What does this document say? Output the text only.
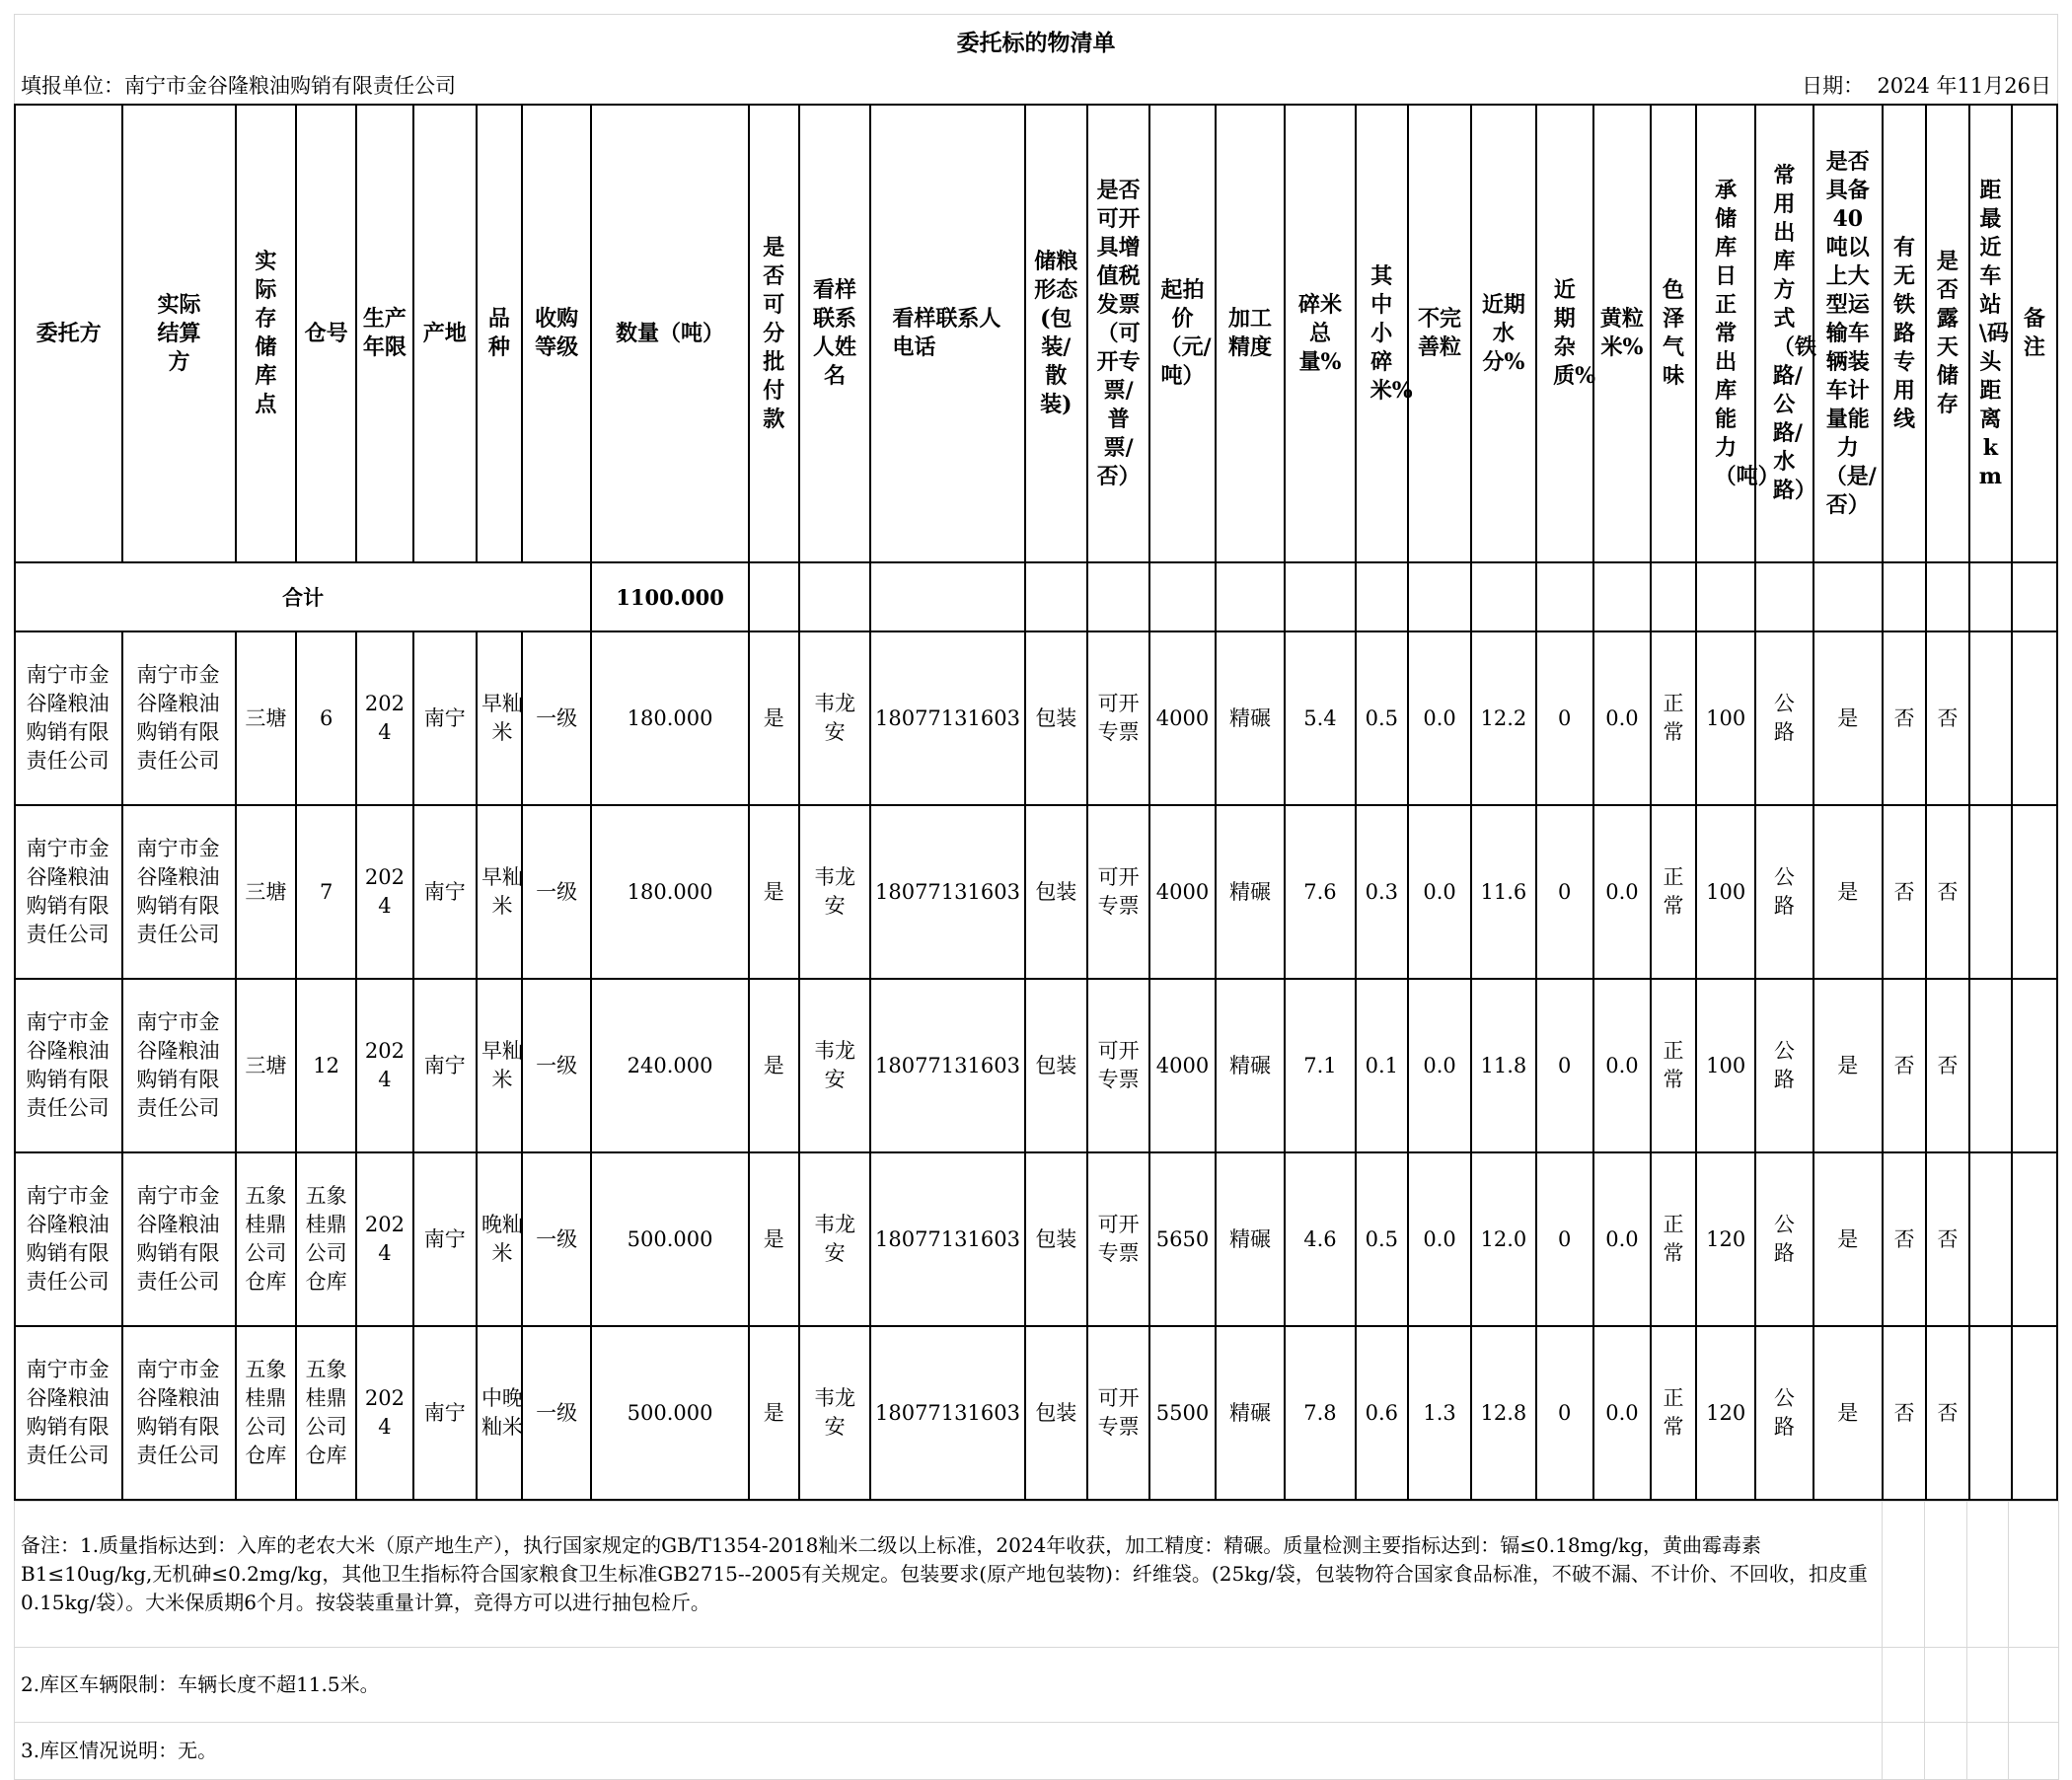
委托标的物清单
填报单位：南宁市金谷隆粮油购销有限责任公司	日期： 2024 年11月26日
委托方	实际结算方	实际存储库点	仓号	生产年限	产地	品种	收购等级	数量（吨）	是否可分批付款	看样联系人姓名	看样联系人电话	储粮形态(包装/散装)	是否可开具增值税发票（可开专票/普票/否）	起拍价（元/吨）	加工精度	碎米总量%	其中小碎米%	不完善粒	近期水分%	近期杂质%	黄粒米%	色泽气味	承储库日正常出库能力（吨）	常用出库方式（铁路/公路/水路）	是否具备40吨以上大型运输车辆装车计量能力（是/否）	有无铁路专用线	是否露天储存	距最近车站\码头距离km	备注

合计								1100.000																					

南宁市金谷隆粮油购销有限责任公司	南宁市金谷隆粮油购销有限责任公司	三塘	6	2024	南宁	早籼米	一级	180.000	是	韦龙安	18077131603	包装	可开专票	4000	精碾	5.4	0.5	0.0	12.2	0	0.0	正常	100	公路	是	否	否		

南宁市金谷隆粮油购销有限责任公司	南宁市金谷隆粮油购销有限责任公司	三塘	7	2024	南宁	早籼米	一级	180.000	是	韦龙安	18077131603	包装	可开专票	4000	精碾	7.6	0.3	0.0	11.6	0	0.0	正常	100	公路	是	否	否		

南宁市金谷隆粮油购销有限责任公司	南宁市金谷隆粮油购销有限责任公司	三塘	12	2024	南宁	早籼米	一级	240.000	是	韦龙安	18077131603	包装	可开专票	4000	精碾	7.1	0.1	0.0	11.8	0	0.0	正常	100	公路	是	否	否		

南宁市金谷隆粮油购销有限责任公司	南宁市金谷隆粮油购销有限责任公司	五象桂鼎公司仓库	五象桂鼎公司仓库	2024	南宁	晚籼米	一级	500.000	是	韦龙安	18077131603	包装	可开专票	5650	精碾	4.6	0.5	0.0	12.0	0	0.0	正常	120	公路	是	否	否		

南宁市金谷隆粮油购销有限责任公司	南宁市金谷隆粮油购销有限责任公司	五象桂鼎公司仓库	五象桂鼎公司仓库	2024	南宁	中晚籼米	一级	500.000	是	韦龙安	18077131603	包装	可开专票	5500	精碾	7.8	0.6	1.3	12.8	0	0.0	正常	120	公路	是	否	否		
备注：1.质量指标达到：入库的老农大米（原产地生产），执行国家规定的GB/T1354-2018籼米二级以上标准，2024年收获，加工精度：精碾。质量检测主要指标达到：镉≤0.18mg/kg，黄曲霉毒素B1≤10ug/kg,无机砷≤0.2mg/kg，其他卫生指标符合国家粮食卫生标准GB2715--2005有关规定。包装要求(原产地包装物)：纤维袋。(25kg/袋，包装物符合国家食品标准，不破不漏、不计价、不回收，扣皮重0.15kg/袋）。大米保质期6个月。按袋装重量计算，竞得方可以进行抽包检斤。				
2.库区车辆限制：车辆长度不超11.5米。				
3.库区情况说明：无。				
